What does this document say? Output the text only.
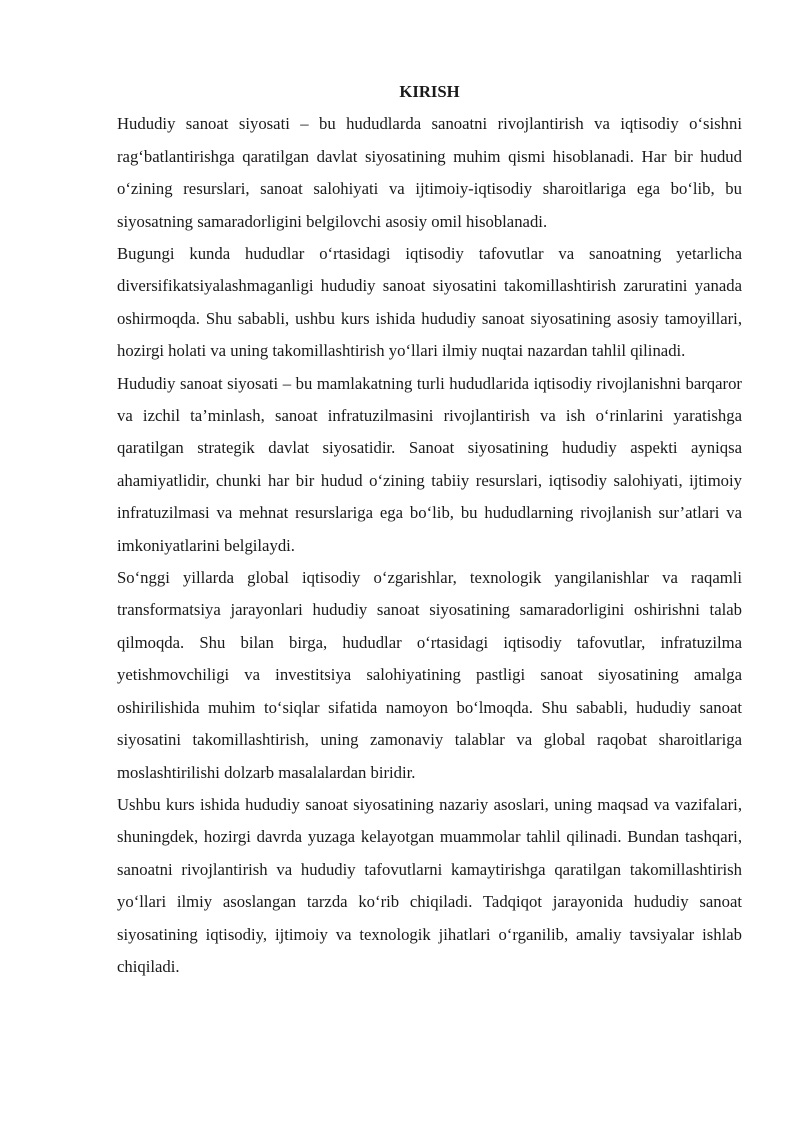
KIRISH

Hududiy sanoat siyosati – bu hududlarda sanoatni rivojlantirish va iqtisodiy o‘sishni rag‘batlantirishga qaratilgan davlat siyosatining muhim qismi hisoblanadi. Har bir hudud o‘zining resurslari, sanoat salohiyati va ijtimoiy-iqtisodiy sharoitlariga ega bo‘lib, bu siyosatning samaradorligini belgilovchi asosiy omil hisoblanadi.

Bugungi kunda hududlar o‘rtasidagi iqtisodiy tafovutlar va sanoatning yetarlicha diversifikatsiyalashmaganligi hududiy sanoat siyosatini takomillashtirish zaruratini yanada oshirmoqda. Shu sababli, ushbu kurs ishida hududiy sanoat siyosatining asosiy tamoyillari, hozirgi holati va uning takomillashtirish yo‘llari ilmiy nuqtai nazardan tahlil qilinadi.

Hududiy sanoat siyosati – bu mamlakatning turli hududlarida iqtisodiy rivojlanishni barqaror va izchil ta’minlash, sanoat infratuzilmasini rivojlantirish va ish o‘rinlarini yaratishga qaratilgan strategik davlat siyosatidir. Sanoat siyosatining hududiy aspekti ayniqsa ahamiyatlidir, chunki har bir hudud o‘zining tabiiy resurslari, iqtisodiy salohiyati, ijtimoiy infratuzilmasi va mehnat resurslariga ega bo‘lib, bu hududlarning rivojlanish sur’atlari va imkoniyatlarini belgilaydi.

So‘nggi yillarda global iqtisodiy o‘zgarishlar, texnologik yangilanishlar va raqamli transformatsiya jarayonlari hududiy sanoat siyosatining samaradorligini oshirishni talab qilmoqda. Shu bilan birga, hududlar o‘rtasidagi iqtisodiy tafovutlar, infratuzilma yetishmovchiligi va investitsiya salohiyatining pastligi sanoat siyosatining amalga oshirilishida muhim to‘siqlar sifatida namoyon bo‘lmoqda. Shu sababli, hududiy sanoat siyosatini takomillashtirish, uning zamonaviy talablar va global raqobat sharoitlariga moslashtirilishi dolzarb masalalardan biridir.

Ushbu kurs ishida hududiy sanoat siyosatining nazariy asoslari, uning maqsad va vazifalari, shuningdek, hozirgi davrda yuzaga kelayotgan muammolar tahlil qilinadi. Bundan tashqari, sanoatni rivojlantirish va hududiy tafovutlarni kamaytirishga qaratilgan takomillashtirish yo‘llari ilmiy asoslangan tarzda ko‘rib chiqiladi. Tadqiqot jarayonida hududiy sanoat siyosatining iqtisodiy, ijtimoiy va texnologik jihatlari o‘rganilib, amaliy tavsiyalar ishlab chiqiladi.
